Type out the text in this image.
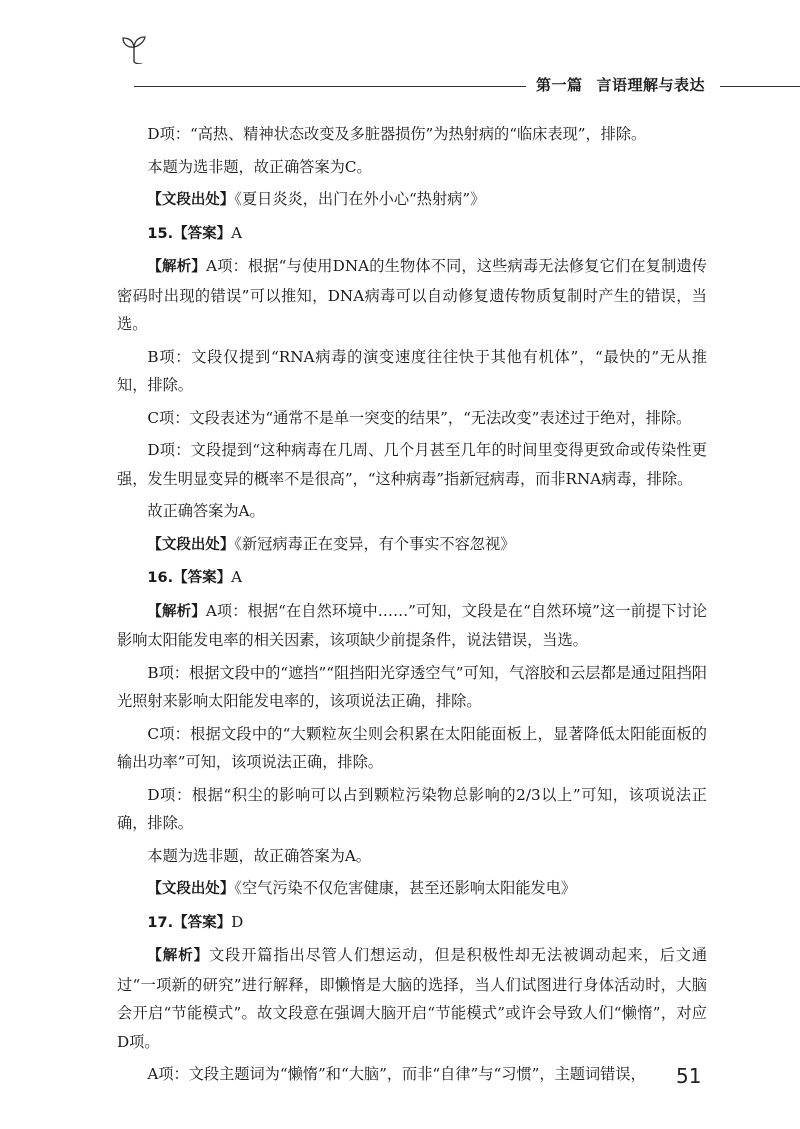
第一篇 言语理解与表达

D项：“高热、精神状态改变及多脏器损伤”为热射病的“临床表现”，排除。

本题为选非题，故正确答案为C。

【文段出处】《夏日炎炎，出门在外小心“热射病”》

15.【答案】A

【解析】A项：根据“与使用DNA的生物体不同，这些病毒无法修复它们在复制遗传密码时出现的错误”可以推知，DNA病毒可以自动修复遗传物质复制时产生的错误，当选。

B项：文段仅提到“RNA病毒的演变速度往往快于其他有机体”，“最快的”无从推知，排除。

C项：文段表述为“通常不是单一突变的结果”，“无法改变”表述过于绝对，排除。

D项：文段提到“这种病毒在几周、几个月甚至几年的时间里变得更致命或传染性更强，发生明显变异的概率不是很高”，“这种病毒”指新冠病毒，而非RNA病毒，排除。

故正确答案为A。

【文段出处】《新冠病毒正在变异，有个事实不容忽视》

16.【答案】A

【解析】A项：根据“在自然环境中……”可知，文段是在“自然环境”这一前提下讨论影响太阳能发电率的相关因素，该项缺少前提条件，说法错误，当选。

B项：根据文段中的“遮挡”“阻挡阳光穿透空气”可知，气溶胶和云层都是通过阻挡阳光照射来影响太阳能发电率的，该项说法正确，排除。

C项：根据文段中的“大颗粒灰尘则会积累在太阳能面板上，显著降低太阳能面板的输出功率”可知，该项说法正确，排除。

D项：根据“积尘的影响可以占到颗粒污染物总影响的2/3以上”可知，该项说法正确，排除。

本题为选非题，故正确答案为A。

【文段出处】《空气污染不仅危害健康，甚至还影响太阳能发电》

17.【答案】D

【解析】文段开篇指出尽管人们想运动，但是积极性却无法被调动起来，后文通过“一项新的研究”进行解释，即懒惰是大脑的选择，当人们试图进行身体活动时，大脑会开启“节能模式”。故文段意在强调大脑开启“节能模式”或许会导致人们“懒惰”，对应D项。

A项：文段主题词为“懒惰”和“大脑”，而非“自律”与“习惯”，主题词错误，	51
